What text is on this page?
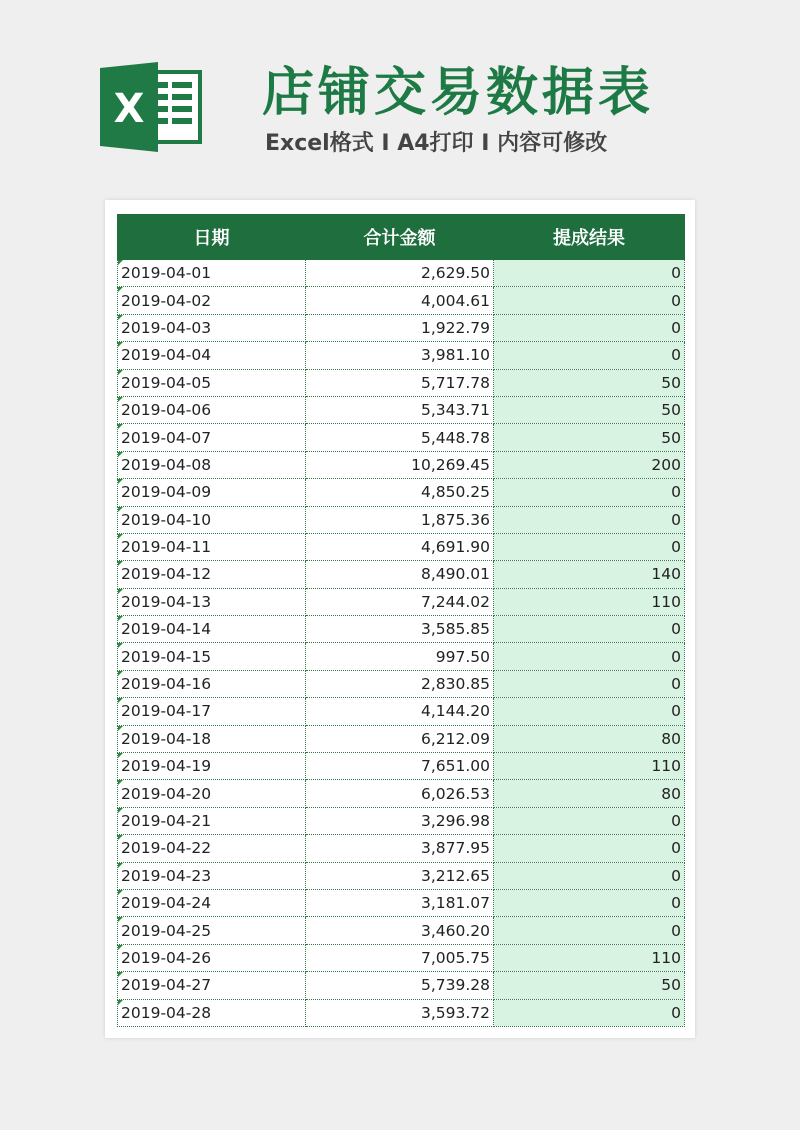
X 店铺交易数据表
Excel格式 Ⅰ A4打印 Ⅰ 内容可修改
日期	合计金额	提成结果
2019-04-01	2,629.50	0
2019-04-02	4,004.61	0
2019-04-03	1,922.79	0
2019-04-04	3,981.10	0
2019-04-05	5,717.78	50
2019-04-06	5,343.71	50
2019-04-07	5,448.78	50
2019-04-08	10,269.45	200
2019-04-09	4,850.25	0
2019-04-10	1,875.36	0
2019-04-11	4,691.90	0
2019-04-12	8,490.01	140
2019-04-13	7,244.02	110
2019-04-14	3,585.85	0
2019-04-15	997.50	0
2019-04-16	2,830.85	0
2019-04-17	4,144.20	0
2019-04-18	6,212.09	80
2019-04-19	7,651.00	110
2019-04-20	6,026.53	80
2019-04-21	3,296.98	0
2019-04-22	3,877.95	0
2019-04-23	3,212.65	0
2019-04-24	3,181.07	0
2019-04-25	3,460.20	0
2019-04-26	7,005.75	110
2019-04-27	5,739.28	50
2019-04-28	3,593.72	0
